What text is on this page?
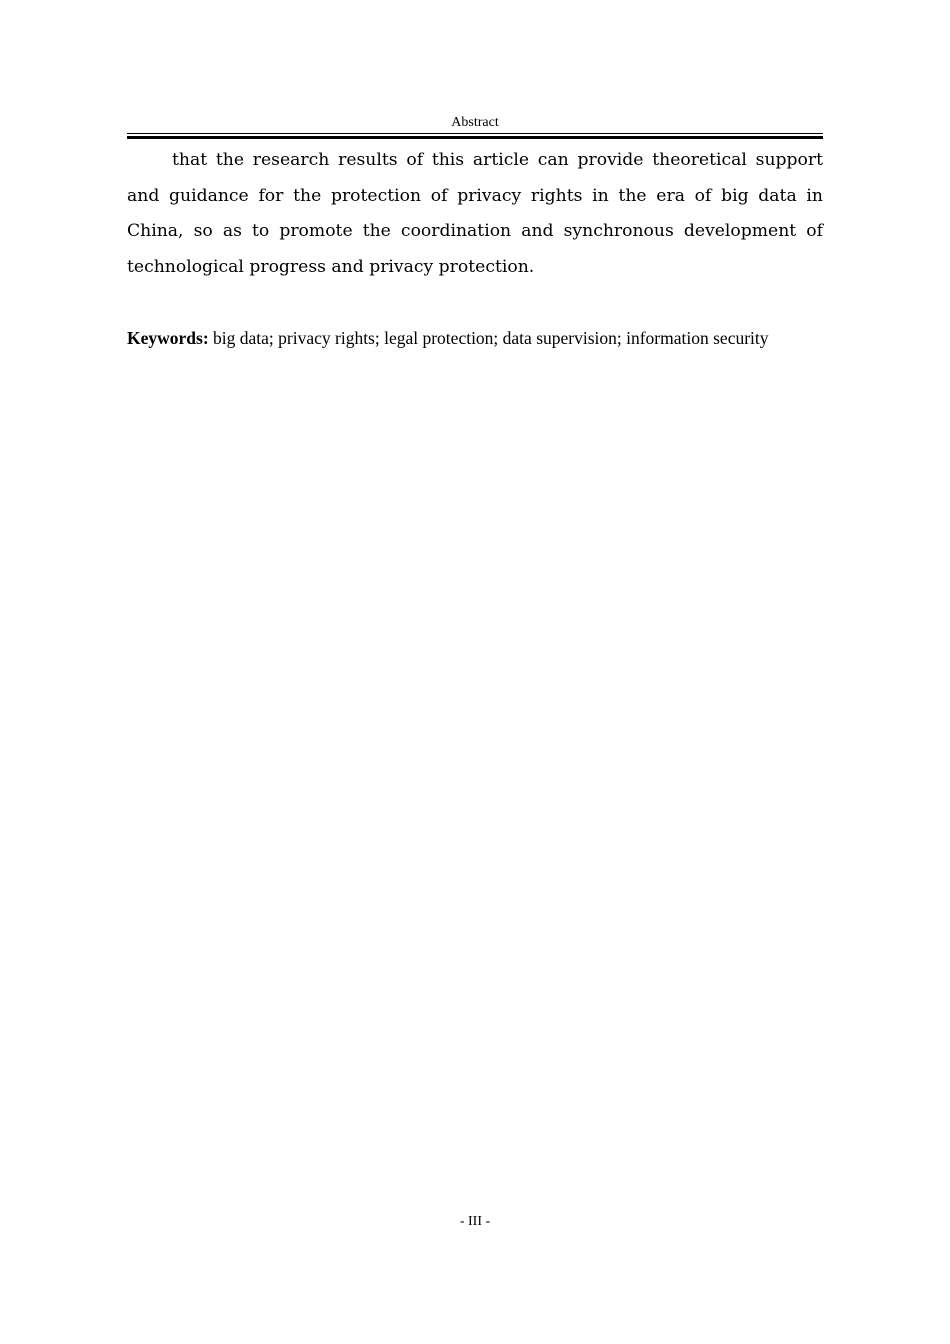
Abstract

that the research results of this article can provide theoretical support and guidance for the protection of privacy rights in the era of big data in China, so as to promote the coordination and synchronous development of technological progress and privacy protection.

Keywords: big data; privacy rights; legal protection; data supervision; information security

- III -
